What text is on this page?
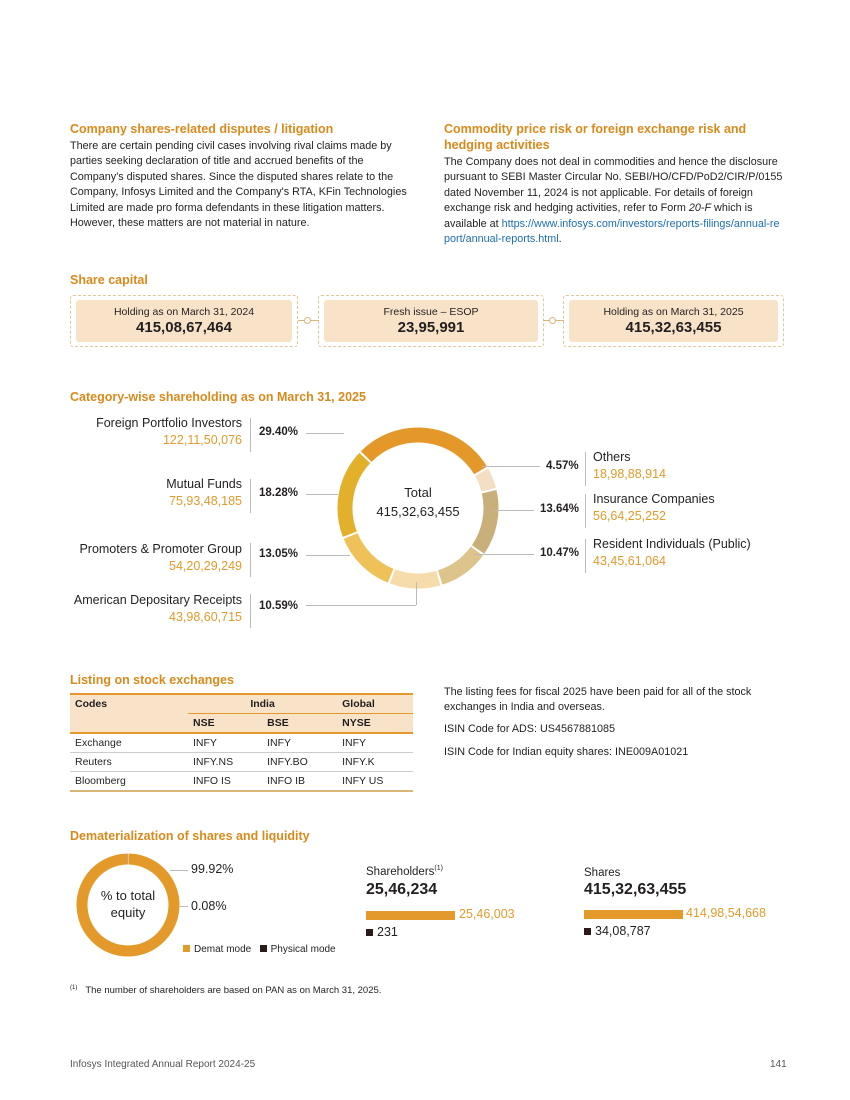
Company shares-related disputes / litigation

There are certain pending civil cases involving rival claims made by parties seeking declaration of title and accrued benefits of the Company's disputed shares. Since the disputed shares relate to the Company, Infosys Limited and the Company's RTA, KFin Technologies Limited are made pro forma defendants in these litigation matters. However, these matters are not material in nature.

Commodity price risk or foreign exchange risk and hedging activities

The Company does not deal in commodities and hence the disclosure pursuant to SEBI Master Circular No. SEBI/HO/CFD/PoD2/CIR/P/0155 dated November 11, 2024 is not applicable. For details of foreign exchange risk and hedging activities, refer to Form 20-F which is available at https://www.infosys.com/investors/reports-filings/annual-report/annual-reports.html.

Share capital
Holding as on March 31, 2024
415,08,67,464
Fresh issue – ESOP
23,95,991
Holding as on March 31, 2025
415,32,63,455
Category-wise shareholding as on March 31, 2025
Total
415,32,63,455
Foreign Portfolio Investors
122,11,50,076
29.40%
Mutual Funds
75,93,48,185
18.28%
Promoters & Promoter Group
54,20,29,249
13.05%
American Depositary Receipts
43,98,60,715
10.59%
4.57%
Others
18,98,88,914
13.64%
Insurance Companies
56,64,25,252
10.47%
Resident Individuals (Public)
43,45,61,064
Listing on stock exchanges
Codes	India		Global
	NSE	BSE	NYSE
Exchange	INFY	INFY	INFY
Reuters	INFY.NS	INFY.BO	INFY.K
Bloomberg	INFO IS	INFO IB	INFY US

The listing fees for fiscal 2025 have been paid for all of the stock exchanges in India and overseas.

ISIN Code for ADS: US4567881085

ISIN Code for Indian equity shares: INE009A01021

Dematerialization of shares and liquidity
% to total equity
99.92%
0.08%
Demat mode Physical mode
Shareholders$^{(1)}$
25,46,234
25,46,003
231
Shares
415,32,63,455
414,98,54,668
34,08,787
$^{(1)}$ The number of shareholders are based on PAN as on March 31, 2025.
Infosys Integrated Annual Report 2024-25	141
